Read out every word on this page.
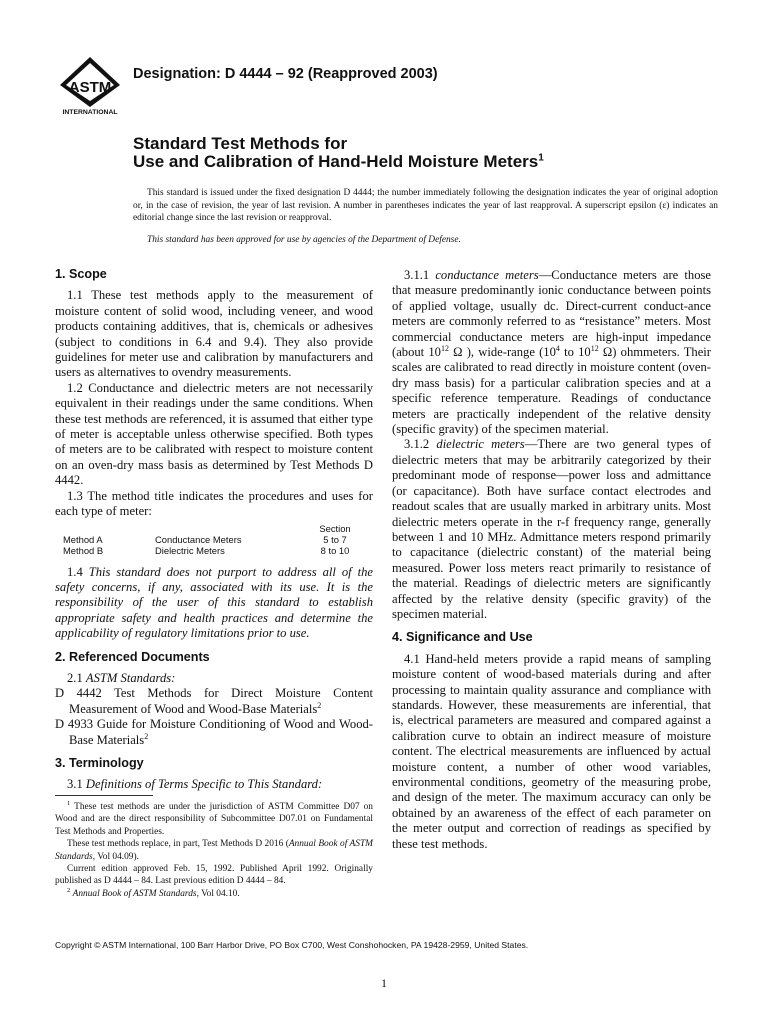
ASTM
INTERNATIONAL
Designation: D 4444 – 92 (Reapproved 2003)
Standard Test Methods for
Use and Calibration of Hand-Held Moisture Meters$^1$
This standard is issued under the fixed designation D 4444; the number immediately following the designation indicates the year of original adoption or, in the case of revision, the year of last revision. A number in parentheses indicates the year of last reapproval. A superscript epsilon (ε) indicates an editorial change since the last revision or reapproval.
This standard has been approved for use by agencies of the Department of Defense.
1. Scope

1.1 These test methods apply to the measurement of moisture content of solid wood, including veneer, and wood products containing additives, that is, chemicals or adhesives (subject to conditions in 6.4 and 9.4). They also provide guidelines for meter use and calibration by manufacturers and users as alternatives to ovendry measurements.

1.2 Conductance and dielectric meters are not necessarily equivalent in their readings under the same conditions. When these test methods are referenced, it is assumed that either type of meter is acceptable unless otherwise specified. Both types of meters are to be calibrated with respect to moisture content on an oven-dry mass basis as determined by Test Methods D 4442.

1.3 The method title indicates the procedures and uses for each type of meter:

Section
Method A	Conductance Meters	5 to 7
Method B	Dielectric Meters	8 to 10

1.4 This standard does not purport to address all of the safety concerns, if any, associated with its use. It is the responsibility of the user of this standard to establish appropriate safety and health practices and determine the applicability of regulatory limitations prior to use.

2. Referenced Documents

2.1 ASTM Standards:

D 4442 Test Methods for Direct Moisture Content Measurement of Wood and Wood-Base Materials$^2$

D 4933 Guide for Moisture Conditioning of Wood and Wood-Base Materials$^2$

3. Terminology

3.1 Definitions of Terms Specific to This Standard:

$^1$ These test methods are under the jurisdiction of ASTM Committee D07 on Wood and are the direct responsibility of Subcommittee D07.01 on Fundamental Test Methods and Properties.

These test methods replace, in part, Test Methods D 2016 (Annual Book of ASTM Standards, Vol 04.09).

Current edition approved Feb. 15, 1992. Published April 1992. Originally published as D 4444 – 84. Last previous edition D 4444 – 84.

$^2$ Annual Book of ASTM Standards, Vol 04.10.

3.1.1 conductance meters—Conductance meters are those that measure predominantly ionic conductance between points of applied voltage, usually dc. Direct-current conduct-ance meters are commonly referred to as “resistance” meters. Most commercial conductance meters are high-input impedance (about $10^{12}$ Ω ), wide-range ($10^4$ to $10^{12}$ Ω) ohmmeters. Their scales are calibrated to read directly in moisture content (oven-dry mass basis) for a particular calibration species and at a specific reference temperature. Readings of conductance meters are practically independent of the relative density (specific gravity) of the specimen material.

3.1.2 dielectric meters—There are two general types of dielectric meters that may be arbitrarily categorized by their predominant mode of response—power loss and admittance (or capacitance). Both have surface contact electrodes and readout scales that are usually marked in arbitrary units. Most dielectric meters operate in the r-f frequency range, generally between 1 and 10 MHz. Admittance meters respond primarily to capacitance (dielectric constant) of the material being measured. Power loss meters react primarily to resistance of the material. Readings of dielectric meters are significantly affected by the relative density (specific gravity) of the specimen material.

4. Significance and Use

4.1 Hand-held meters provide a rapid means of sampling moisture content of wood-based materials during and after processing to maintain quality assurance and compliance with standards. However, these measurements are inferential, that is, electrical parameters are measured and compared against a calibration curve to obtain an indirect measure of moisture content. The electrical measurements are influenced by actual moisture content, a number of other wood variables, environmental conditions, geometry of the measuring probe, and design of the meter. The maximum accuracy can only be obtained by an awareness of the effect of each parameter on the meter output and correction of readings as specified by these test methods.

Copyright © ASTM International, 100 Barr Harbor Drive, PO Box C700, West Conshohocken, PA 19428-2959, United States.
1
